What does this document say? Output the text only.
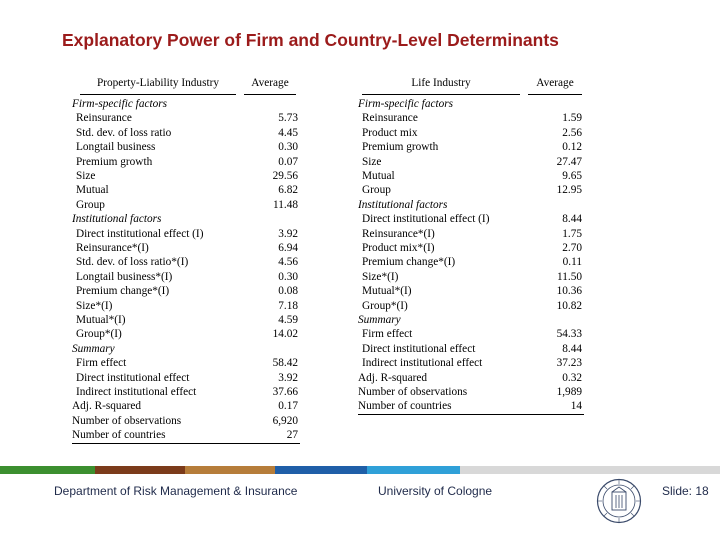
Explanatory Power of Firm and Country-Level Determinants
Property-Liability Industry	Average
Firm-specific factors
Reinsurance	5.73
Std. dev. of loss ratio	4.45
Longtail business	0.30
Premium growth	0.07
Size	29.56
Mutual	6.82
Group	11.48
Institutional factors
Direct institutional effect (I)	3.92
Reinsurance*(I)	6.94
Std. dev. of loss ratio*(I)	4.56
Longtail business*(I)	0.30
Premium change*(I)	0.08
Size*(I)	7.18
Mutual*(I)	4.59
Group*(I)	14.02
Summary
Firm effect	58.42
Direct institutional effect	3.92
Indirect institutional effect	37.66
Adj. R-squared	0.17
Number of observations	6,920
Number of countries	27
Life Industry	Average
Firm-specific factors
Reinsurance	1.59
Product mix	2.56
Premium growth	0.12
Size	27.47
Mutual	9.65
Group	12.95
Institutional factors
Direct institutional effect (I)	8.44
Reinsurance*(I)	1.75
Product mix*(I)	2.70
Premium change*(I)	0.11
Size*(I)	11.50
Mutual*(I)	10.36
Group*(I)	10.82
Summary
Firm effect	54.33
Direct institutional effect	8.44
Indirect institutional effect	37.23
Adj. R-squared	0.32
Number of observations	1,989
Number of countries	14
Department of Risk Management & Insurance	University of Cologne	Slide: 18
